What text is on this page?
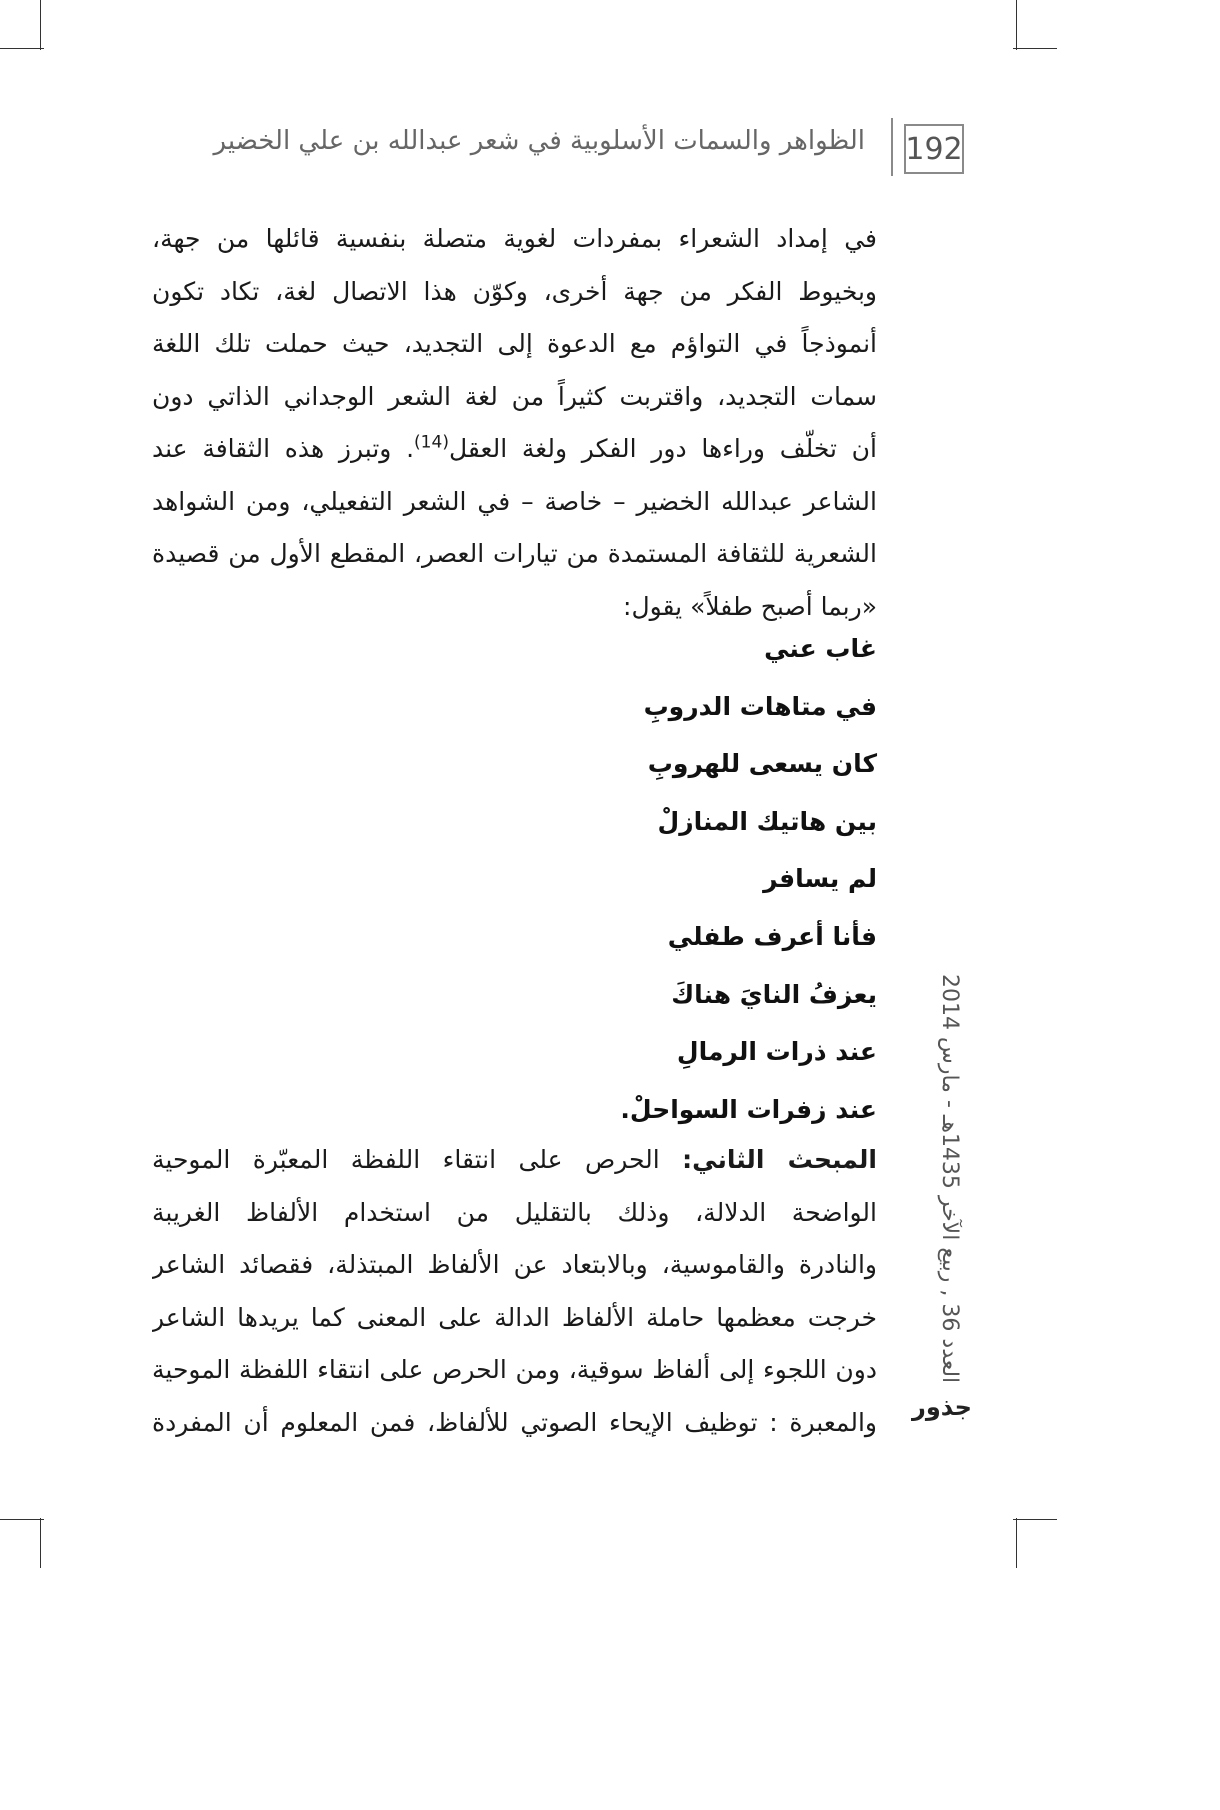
192
الظواهر والسمات الأسلوبية في شعر عبدالله بن علي الخضير
في إمداد الشعراء بمفردات لغوية متصلة بنفسية قائلها من جهة،
وبخيوط الفكر من جهة أخرى، وكوّن هذا الاتصال لغة، تكاد تكون
أنموذجاً في التواؤم مع الدعوة إلى التجديد، حيث حملت تلك اللغة
سمات التجديد، واقتربت كثيراً من لغة الشعر الوجداني الذاتي دون
أن تخلّف وراءها دور الفكر ولغة العقل$^{(14)}$. وتبرز هذه الثقافة عند
الشاعر عبدالله الخضير – خاصة – في الشعر التفعيلي، ومن الشواهد
الشعرية للثقافة المستمدة من تيارات العصر، المقطع الأول من قصيدة
«ربما أصبح طفلاً» يقول:
غاب عني
في متاهات الدروبِ
كان يسعى للهروبِ
بين هاتيك المنازلْ
لم يسافر
فأنا أعرف طفلي
يعزفُ النايَ هناكَ
عند ذرات الرمالِ
عند زفرات السواحلْ.
المبحث الثاني: الحرص على انتقاء اللفظة المعبّرة الموحية
الواضحة الدلالة، وذلك بالتقليل من استخدام الألفاظ الغريبة
والنادرة والقاموسية، وبالابتعاد عن الألفاظ المبتذلة، فقصائد الشاعر
خرجت معظمها حاملة الألفاظ الدالة على المعنى كما يريدها الشاعر
دون اللجوء إلى ألفاظ سوقية، ومن الحرص على انتقاء اللفظة الموحية
والمعبرة : توظيف الإيحاء الصوتي للألفاظ، فمن المعلوم أن المفردة
العدد 36 , ربيع الآخر 1435هـ - مارس 2014
جذور
